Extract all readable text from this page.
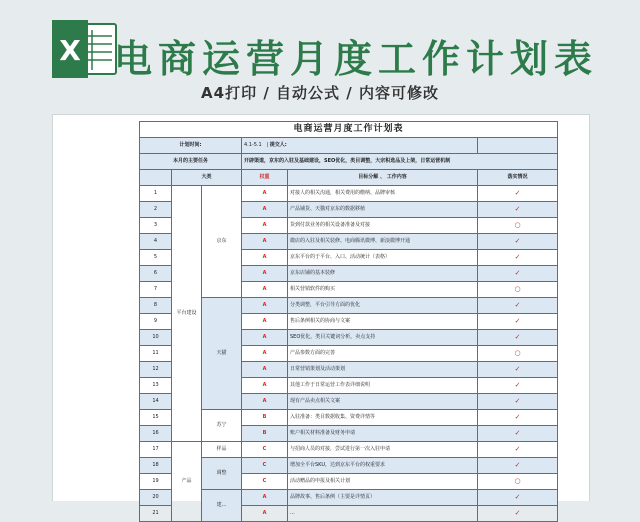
X 电商运营月度工作计划表
A4打印 / 自动公式 / 内容可修改
电商运营月度工作计划表					
计划时间:			4.1-5.1   | 提交人:		
本月的主要任务			开辟渠道，京东的入驻及基础建设，SEO优化，类目调整，大宗积选品及上架，日常运营机制		
	大类		权重	目标分解 、 工作内容	落实情况
1	平台建设	京东	A	对接人的相关沟通，相关费用的缴纳、品牌审核	✓
2			A	产品铺货、天猫对京东的数据移植	✓
3			A	货到付款业务的相关设备准备及对接	○
4			A	微店的入驻及相关装修、电商腾讯微博、新浪微博开通	✓
5			A	京东平台的于平台、入口、活动统计（表格）	✓
6			A	京东店铺的基本装修	✓
7			A	相关营销软件的购买	○
8		天猫	A	分类调整，平台引导方面的优化	✓
9			A	售后条例相关的协商与文案	✓
10			A	SEO优化，类目关键词分析，卖点支持	✓
11			A	产品参数方面的完善	○
12			A	日常营销策划及活动策划	✓
13			A	其他工作于日常运营工作表详细说明	✓
14			A	现有产品卖点相关文案	✓
15		苏宁	B	入驻准备：类目数据收集、资费详情等	✓
16			B	账户相关材料准备及财务申请	✓
17	产品	样品	C	与招商人员的对接，尝试进行第一次入驻申请	✓
18		调整	C	增加全平台SKU，达到京东平台的权重要求	✓
19			C	活动赠品的申报及相关计划	○
20		建...	A	品牌故事、售后条例（主要是详情页）	✓
21			A	...	✓
